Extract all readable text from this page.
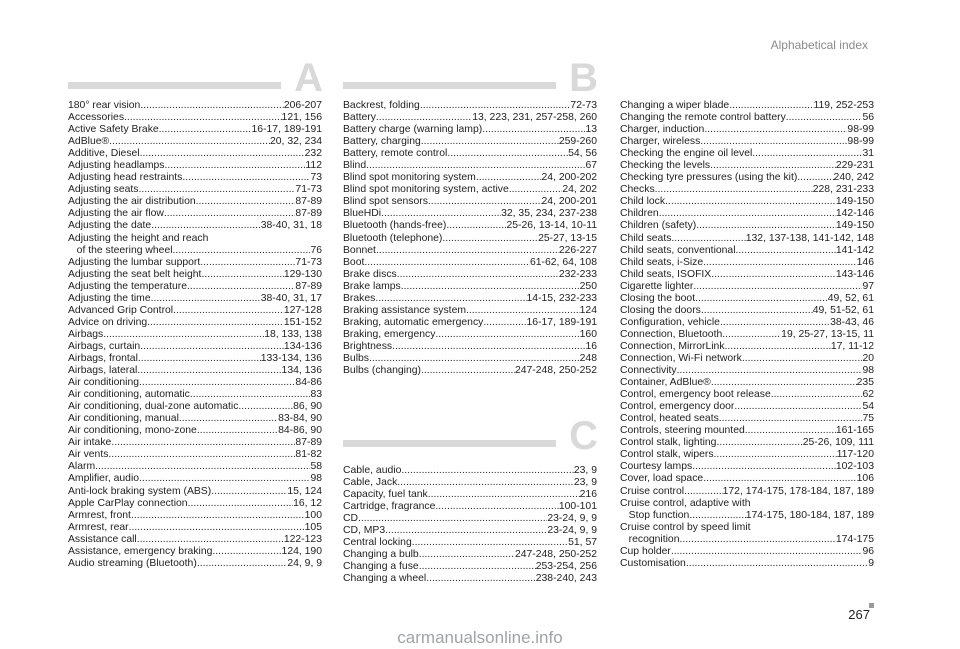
Alphabetical index
A	B
C
180° rear vision .....	206-207
Accessories .....	121, 156
Active Safety Brake .....	16-17, 189-191
AdBlue® .....	20, 32, 234
Additive, Diesel .....	232
Adjusting headlamps .....	112
Adjusting head restraints .....	73
Adjusting seats .....	71-73
Adjusting the air distribution .....	87-89
Adjusting the air flow .....	87-89
Adjusting the date .....	38-40, 31, 18
Adjusting the height and reach
of the steering wheel .....	76
Adjusting the lumbar support .....	71-73
Adjusting the seat belt height .....	129-130
Adjusting the temperature .....	87-89
Adjusting the time .....	38-40, 31, 17
Advanced Grip Control .....	127-128
Advice on driving .....	151-152
Airbags .....	18, 133, 138
Airbags, curtain .....	134-136
Airbags, frontal .....	133-134, 136
Airbags, lateral .....	134, 136
Air conditioning .....	84-86
Air conditioning, automatic .....	83
Air conditioning, dual-zone automatic .....	86, 90
Air conditioning, manual .....	83-84, 90
Air conditioning, mono-zone .....	84-86, 90
Air intake .....	87-89
Air vents .....	81-82
Alarm .....	58
Amplifier, audio .....	98
Anti-lock braking system (ABS) .....	15, 124
Apple CarPlay connection .....	16, 12
Armrest, front .....	100
Armrest, rear .....	105
Assistance call .....	122-123
Assistance, emergency braking .....	124, 190
Audio streaming (Bluetooth) .....	24, 9, 9
Backrest, folding .....	72-73
Battery .....	13, 223, 231, 257-258, 260
Battery charge (warning lamp) .....	13
Battery, charging .....	259-260
Battery, remote control .....	54, 56
Blind .....	67
Blind spot monitoring system .....	24, 200-202
Blind spot monitoring system, active .....	24, 202
Blind spot sensors .....	24, 200-201
BlueHDi .....	32, 35, 234, 237-238
Bluetooth (hands-free) .....	25-26, 13-14, 10-11
Bluetooth (telephone) .....	25-27, 13-15
Bonnet .....	226-227
Boot .....	61-62, 64, 108
Brake discs .....	232-233
Brake lamps .....	250
Brakes .....	14-15, 232-233
Braking assistance system .....	124
Braking, automatic emergency .....	16-17, 189-191
Braking, emergency .....	160
Brightness .....	16
Bulbs .....	248
Bulbs (changing) .....	247-248, 250-252
Cable, audio .....	23, 9
Cable, Jack .....	23, 9
Capacity, fuel tank .....	216
Cartridge, fragrance .....	100-101
CD .....	23-24, 9, 9
CD, MP3 .....	23-24, 9, 9
Central locking .....	51, 57
Changing a bulb .....	247-248, 250-252
Changing a fuse .....	253-254, 256
Changing a wheel .....	238-240, 243
Changing a wiper blade .....	119, 252-253
Changing the remote control battery .....	56
Charger, induction .....	98-99
Charger, wireless .....	98-99
Checking the engine oil level .....	31
Checking the levels .....	229-231
Checking tyre pressures (using the kit) .....	240, 242
Checks .....	228, 231-233
Child lock .....	149-150
Children .....	142-146
Children (safety) .....	149-150
Child seats .....	132, 137-138, 141-142, 148
Child seats, conventional .....	141-142
Child seats, i-Size .....	146
Child seats, ISOFIX .....	143-146
Cigarette lighter .....	97
Closing the boot .....	49, 52, 61
Closing the doors .....	49, 51-52, 61
Configuration, vehicle .....	38-43, 46
Connection, Bluetooth .....	19, 25-27, 13-15, 11
Connection, MirrorLink .....	17, 11-12
Connection, Wi-Fi network .....	20
Connectivity .....	98
Container, AdBlue® .....	235
Control, emergency boot release .....	62
Control, emergency door .....	54
Control, heated seats .....	75
Controls, steering mounted .....	161-165
Control stalk, lighting .....	25-26, 109, 111
Control stalk, wipers .....	117-120
Courtesy lamps .....	102-103
Cover, load space .....	106
Cruise control .....	172, 174-175, 178-184, 187, 189
Cruise control, adaptive with
Stop function .....	174-175, 180-184, 187, 189
Cruise control by speed limit
recognition .....	174-175
Cup holder .....	96
Customisation .....	9
267
carmanualsonline.info
